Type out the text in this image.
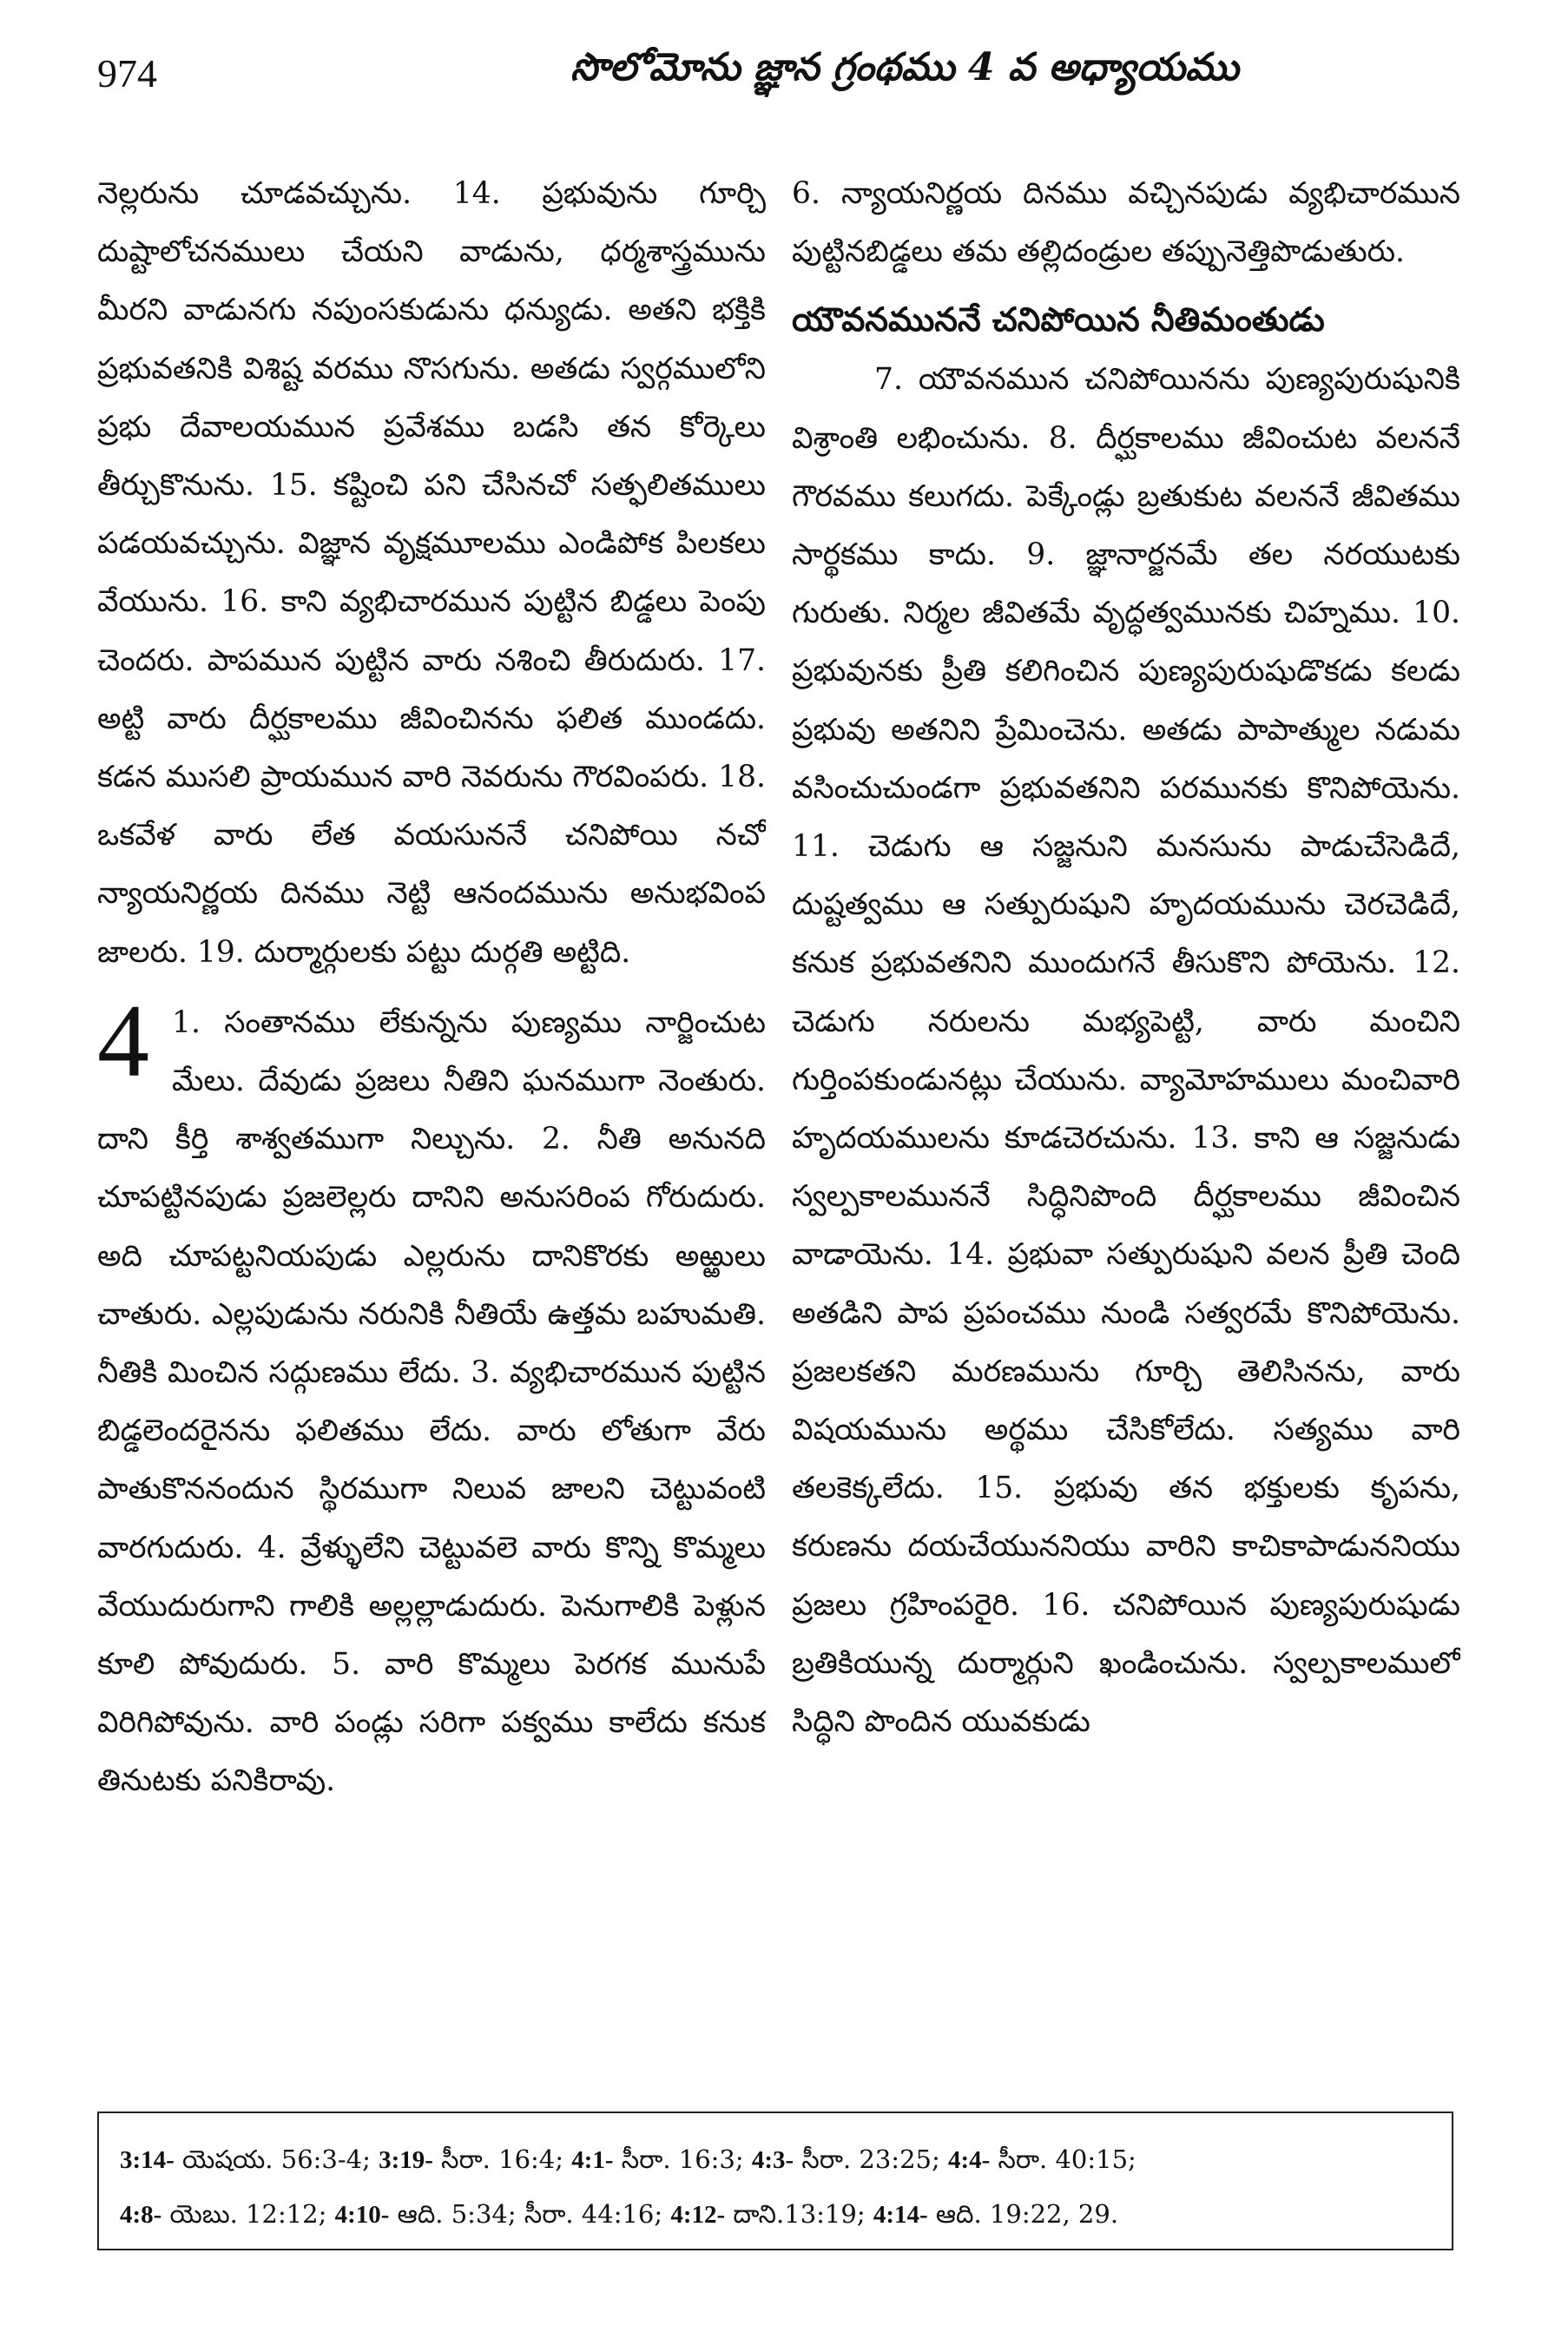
974	సొలోమోను జ్ఞాన గ్రంథము 4 వ అధ్యాయము

నెల్లరును చూడవచ్చును. 14. ప్రభువును గూర్చి దుష్టాలోచనములు చేయని వాడును, ధర్మశాస్త్రమును మీరని వాడునగు నపుంసకుడును ధన్యుడు. అతని భక్తికి ప్రభువతనికి విశిష్ట వరము నొసగును. అతడు స్వర్గములోని ప్రభు దేవాలయమున ప్రవేశము బడసి తన కోర్కెలు తీర్చుకొనును. 15. కష్టించి పని చేసినచో సత్ఫలితములు పడయవచ్చును. విజ్ఞాన వృక్షమూలము ఎండిపోక పిలకలు వేయును. 16. కాని వ్యభిచారమున పుట్టిన బిడ్డలు పెంపు చెందరు. పాపమున పుట్టిన వారు నశించి తీరుదురు. 17. అట్టి వారు దీర్ఘకాలము జీవించినను ఫలిత ముండదు. కడన ముసలి ప్రాయమున వారి నెవరును గౌరవింపరు. 18. ఒకవేళ వారు లేత వయసుననే చనిపోయి నచో న్యాయనిర్ణయ దినము నెట్టి ఆనందమును అనుభవింప జాలరు. 19. దుర్మార్గులకు పట్టు దుర్గతి అట్టిది.

4 1. సంతానము లేకున్నను పుణ్యము నార్జించుట మేలు. దేవుడు ప్రజలు నీతిని ఘనముగా నెంతురు. దాని కీర్తి శాశ్వతముగా నిల్చును. 2. నీతి అనునది చూపట్టినపుడు ప్రజలెల్లరు దానిని అనుసరింప గోరుదురు. అది చూపట్టనియపుడు ఎల్లరును దానికొరకు అఱ్ఱులు చాతురు. ఎల్లపుడును నరునికి నీతియే ఉత్తమ బహుమతి. నీతికి మించిన సద్గుణము లేదు. 3. వ్యభిచారమున పుట్టిన బిడ్డలెందరైనను ఫలితము లేదు. వారు లోతుగా వేరు పాతుకొననందున స్థిరముగా నిలువ జాలని చెట్టువంటి వారగుదురు. 4. వ్రేళ్ళులేని చెట్టువలె వారు కొన్ని కొమ్మలు వేయుదురుగాని గాలికి అల్లల్లాడుదురు. పెనుగాలికి పెళ్లున కూలి పోవుదురు. 5. వారి కొమ్మలు పెరగక మునుపే విరిగిపోవును. వారి పండ్లు సరిగా పక్వము కాలేదు కనుక తినుటకు పనికిరావు.

6. న్యాయనిర్ణయ దినము వచ్చినపుడు వ్యభిచారమున పుట్టినబిడ్డలు తమ తల్లిదండ్రుల తప్పునెత్తిపొడుతురు.

యౌవనముననే చనిపోయిన నీతిమంతుడు

7. యౌవనమున చనిపోయినను పుణ్యపురుషునికి విశ్రాంతి లభించును. 8. దీర్ఘకాలము జీవించుట వలననే గౌరవము కలుగదు. పెక్కేండ్లు బ్రతుకుట వలననే జీవితము సార్థకము కాదు. 9. జ్ఞానార్జనమే తల నరయుటకు గురుతు. నిర్మల జీవితమే వృద్ధత్వమునకు చిహ్నము. 10. ప్రభువునకు ప్రీతి కలిగించిన పుణ్యపురుషుడొకడు కలడు ప్రభువు అతనిని ప్రేమించెను. అతడు పాపాత్ముల నడుమ వసించుచుండగా ప్రభువతనిని పరమునకు కొనిపోయెను. 11. చెడుగు ఆ సజ్జనుని మనసును పాడుచేసెడిదే, దుష్టత్వము ఆ సత్పురుషుని హృదయమును చెరచెడిదే, కనుక ప్రభువతనిని ముందుగనే తీసుకొని పోయెను. 12. చెడుగు నరులను మభ్యపెట్టి, వారు మంచిని గుర్తింపకుండునట్లు చేయును. వ్యామోహములు మంచివారి హృదయములను కూడచెరచును. 13. కాని ఆ సజ్జనుడు స్వల్పకాలముననే సిద్ధినిపొంది దీర్ఘకాలము జీవించిన వాడాయెను. 14. ప్రభువా సత్పురుషుని వలన ప్రీతి చెంది అతడిని పాప ప్రపంచము నుండి సత్వరమే కొనిపోయెను. ప్రజలకతని మరణమును గూర్చి తెలిసినను, వారు విషయమును అర్థము చేసికోలేదు. సత్యము వారి తలకెక్కలేదు. 15. ప్రభువు తన భక్తులకు కృపను, కరుణను దయచేయుననియు వారిని కాచికాపాడుననియు ప్రజలు గ్రహింపరైరి. 16. చనిపోయిన పుణ్యపురుషుడు బ్రతికియున్న దుర్మార్గుని ఖండించును. స్వల్పకాలములో సిద్ధిని పొందిన యువకుడు

3:14- యెషయ. 56:3-4; 3:19- సీరా. 16:4; 4:1- సీరా. 16:3; 4:3- సీరా. 23:25; 4:4- సీరా. 40:15;
4:8- యెబు. 12:12; 4:10- ఆది. 5:34; సీరా. 44:16; 4:12- దాని.13:19; 4:14- ఆది. 19:22, 29.
